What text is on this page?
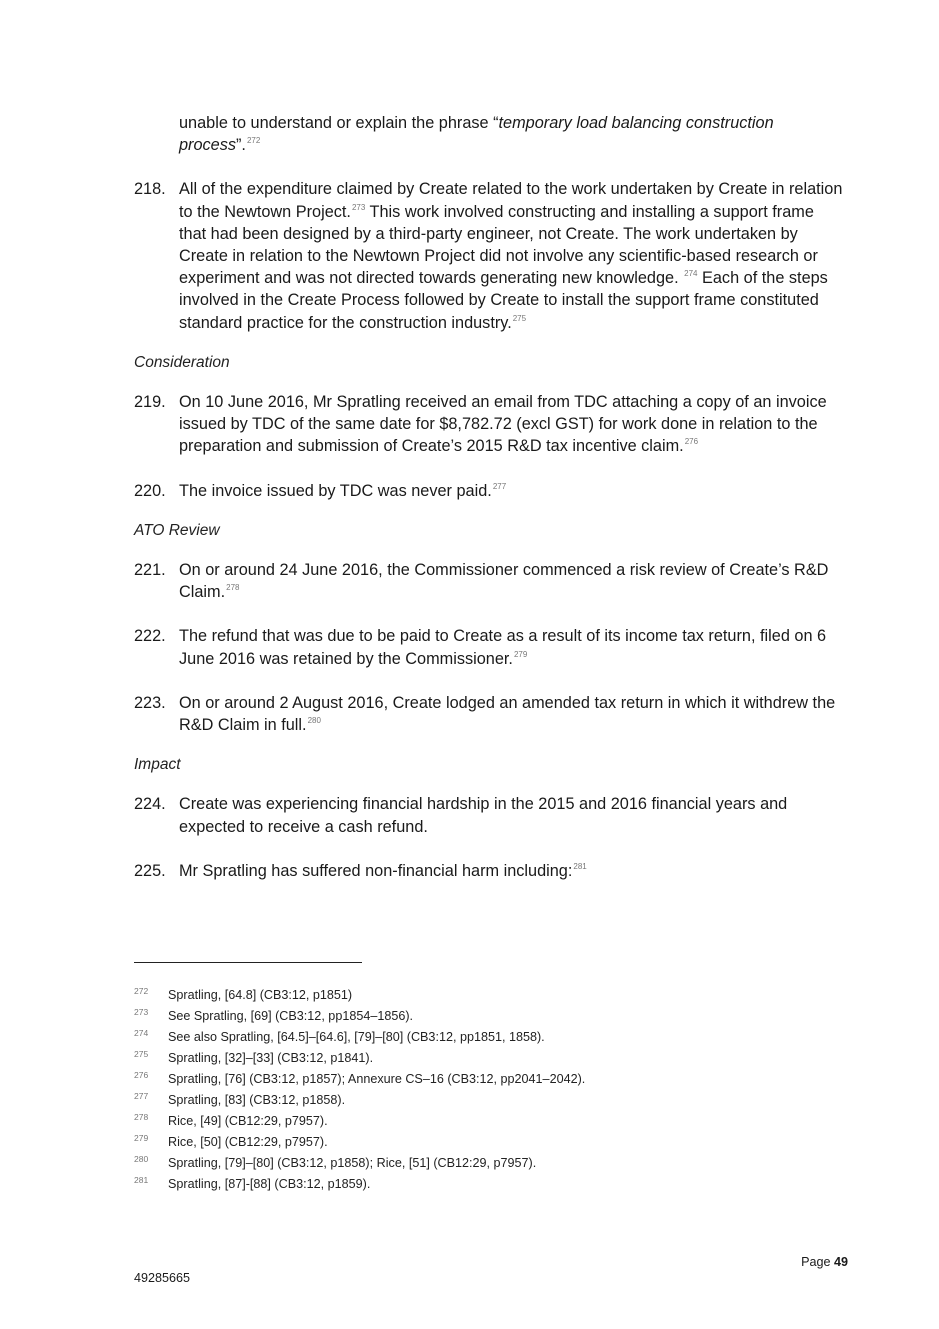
unable to understand or explain the phrase “temporary load balancing construction process”.$^{272}$
218. All of the expenditure claimed by Create related to the work undertaken by Create in relation to the Newtown Project.$^{273}$ This work involved constructing and installing a support frame that had been designed by a third-party engineer, not Create. The work undertaken by Create in relation to the Newtown Project did not involve any scientific-based research or experiment and was not directed towards generating new knowledge. $^{274}$ Each of the steps involved in the Create Process followed by Create to install the support frame constituted standard practice for the construction industry.$^{275}$
Consideration
219. On 10 June 2016, Mr Spratling received an email from TDC attaching a copy of an invoice issued by TDC of the same date for $8,782.72 (excl GST) for work done in relation to the preparation and submission of Create’s 2015 R&D tax incentive claim.$^{276}$
220. The invoice issued by TDC was never paid.$^{277}$
ATO Review
221. On or around 24 June 2016, the Commissioner commenced a risk review of Create’s R&D Claim.$^{278}$
222. The refund that was due to be paid to Create as a result of its income tax return, filed on 6 June 2016 was retained by the Commissioner.$^{279}$
223. On or around 2 August 2016, Create lodged an amended tax return in which it withdrew the R&D Claim in full.$^{280}$
Impact
224. Create was experiencing financial hardship in the 2015 and 2016 financial years and expected to receive a cash refund.
225. Mr Spratling has suffered non-financial harm including:$^{281}$
272	Spratling, [64.8] (CB3:12, p1851)
273	See Spratling, [69] (CB3:12, pp1854–1856).
274	See also Spratling, [64.5]–[64.6], [79]–[80] (CB3:12, pp1851, 1858).
275	Spratling, [32]–[33] (CB3:12, p1841).
276	Spratling, [76] (CB3:12, p1857); Annexure CS–16 (CB3:12, pp2041–2042).
277	Spratling, [83] (CB3:12, p1858).
278	Rice, [49] (CB12:29, p7957).
279	Rice, [50] (CB12:29, p7957).
280	Spratling, [79]–[80] (CB3:12, p1858); Rice, [51] (CB12:29, p7957).
281	Spratling, [87]-[88] (CB3:12, p1859).
Page 49
49285665
